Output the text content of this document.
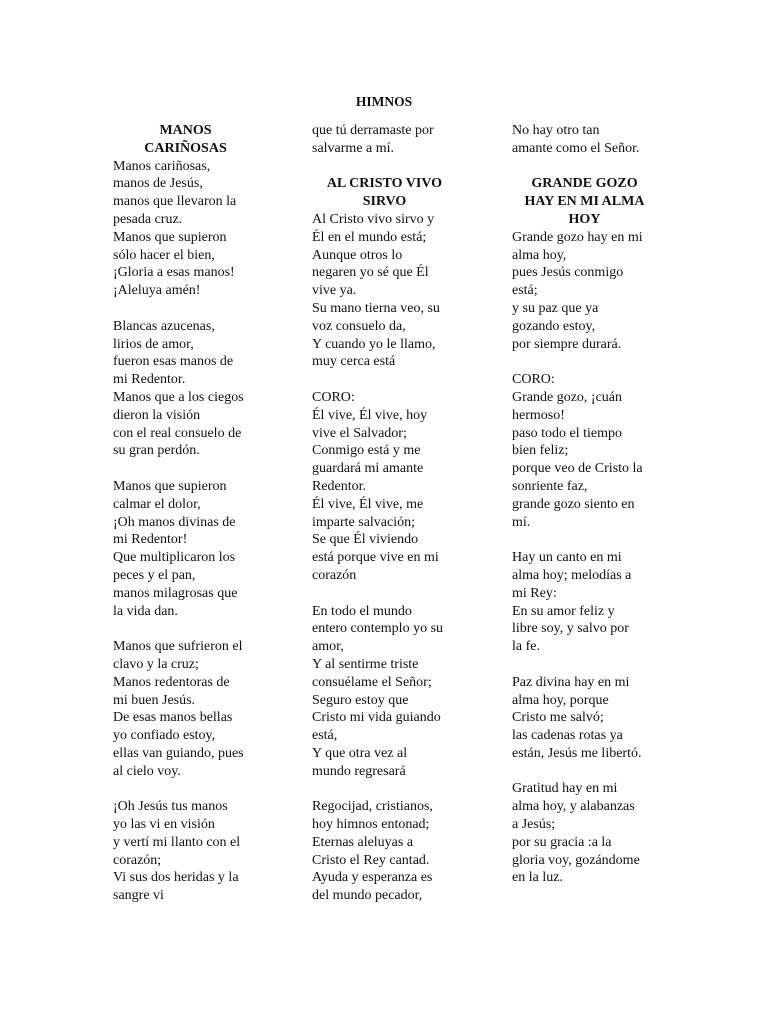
HIMNOS
MANOS
CARIÑOSAS
Manos cariñosas,
manos de Jesús,
manos que llevaron la
pesada cruz.
Manos que supieron
sólo hacer el bien,
¡Gloria a esas manos!
¡Aleluya amén!
Blancas azucenas,
lirios de amor,
fueron esas manos de
mi Redentor.
Manos que a los ciegos
dieron la visión
con el real consuelo de
su gran perdón.
Manos que supieron
calmar el dolor,
¡Oh manos divinas de
mi Redentor!
Que multiplicaron los
peces y el pan,
manos milagrosas que
la vida dan.
Manos que sufrieron el
clavo y la cruz;
Manos redentoras de
mi buen Jesús.
De esas manos bellas
yo confiado estoy,
ellas van guiando, pues
al cielo voy.
¡Oh Jesús tus manos
yo las vi en visión
y vertí mi llanto con el
corazón;
Vi sus dos heridas y la
sangre vi
que tú derramaste por
salvarme a mí.
AL CRISTO VIVO
SIRVO
Al Cristo vivo sirvo y
Él en el mundo está;
Aunque otros lo
negaren yo sé que Él
vive ya.
Su mano tierna veo, su
voz consuelo da,
Y cuando yo le llamo,
muy cerca está
CORO:
Él vive, Él vive, hoy
vive el Salvador;
Conmigo está y me
guardará mi amante
Redentor.
Él vive, Él vive, me
imparte salvación;
Se que Él viviendo
está porque vive en mi
corazón
En todo el mundo
entero contemplo yo su
amor,
Y al sentirme triste
consuélame el Señor;
Seguro estoy que
Cristo mi vida guiando
está,
Y que otra vez al
mundo regresará
Regocijad, cristianos,
hoy himnos entonad;
Eternas aleluyas a
Cristo el Rey cantad.
Ayuda y esperanza es
del mundo pecador,
No hay otro tan
amante como el Señor.
GRANDE GOZO
HAY EN MI ALMA
HOY
Grande gozo hay en mi
alma hoy,
pues Jesús conmigo
está;
y su paz que ya
gozando estoy,
por siempre durará.
CORO:
Grande gozo, ¡cuán
hermoso!
paso todo el tiempo
bien feliz;
porque veo de Cristo la
sonriente faz,
grande gozo siento en
mí.
Hay un canto en mi
alma hoy; melodías a
mi Rey:
En su amor feliz y
libre soy, y salvo por
la fe.
Paz divina hay en mi
alma hoy, porque
Cristo me salvó;
las cadenas rotas ya
están, Jesús me libertó.
Gratitud hay en mi
alma hoy, y alabanzas
a Jesús;
por su gracia :a la
gloria voy, gozándome
en la luz.
